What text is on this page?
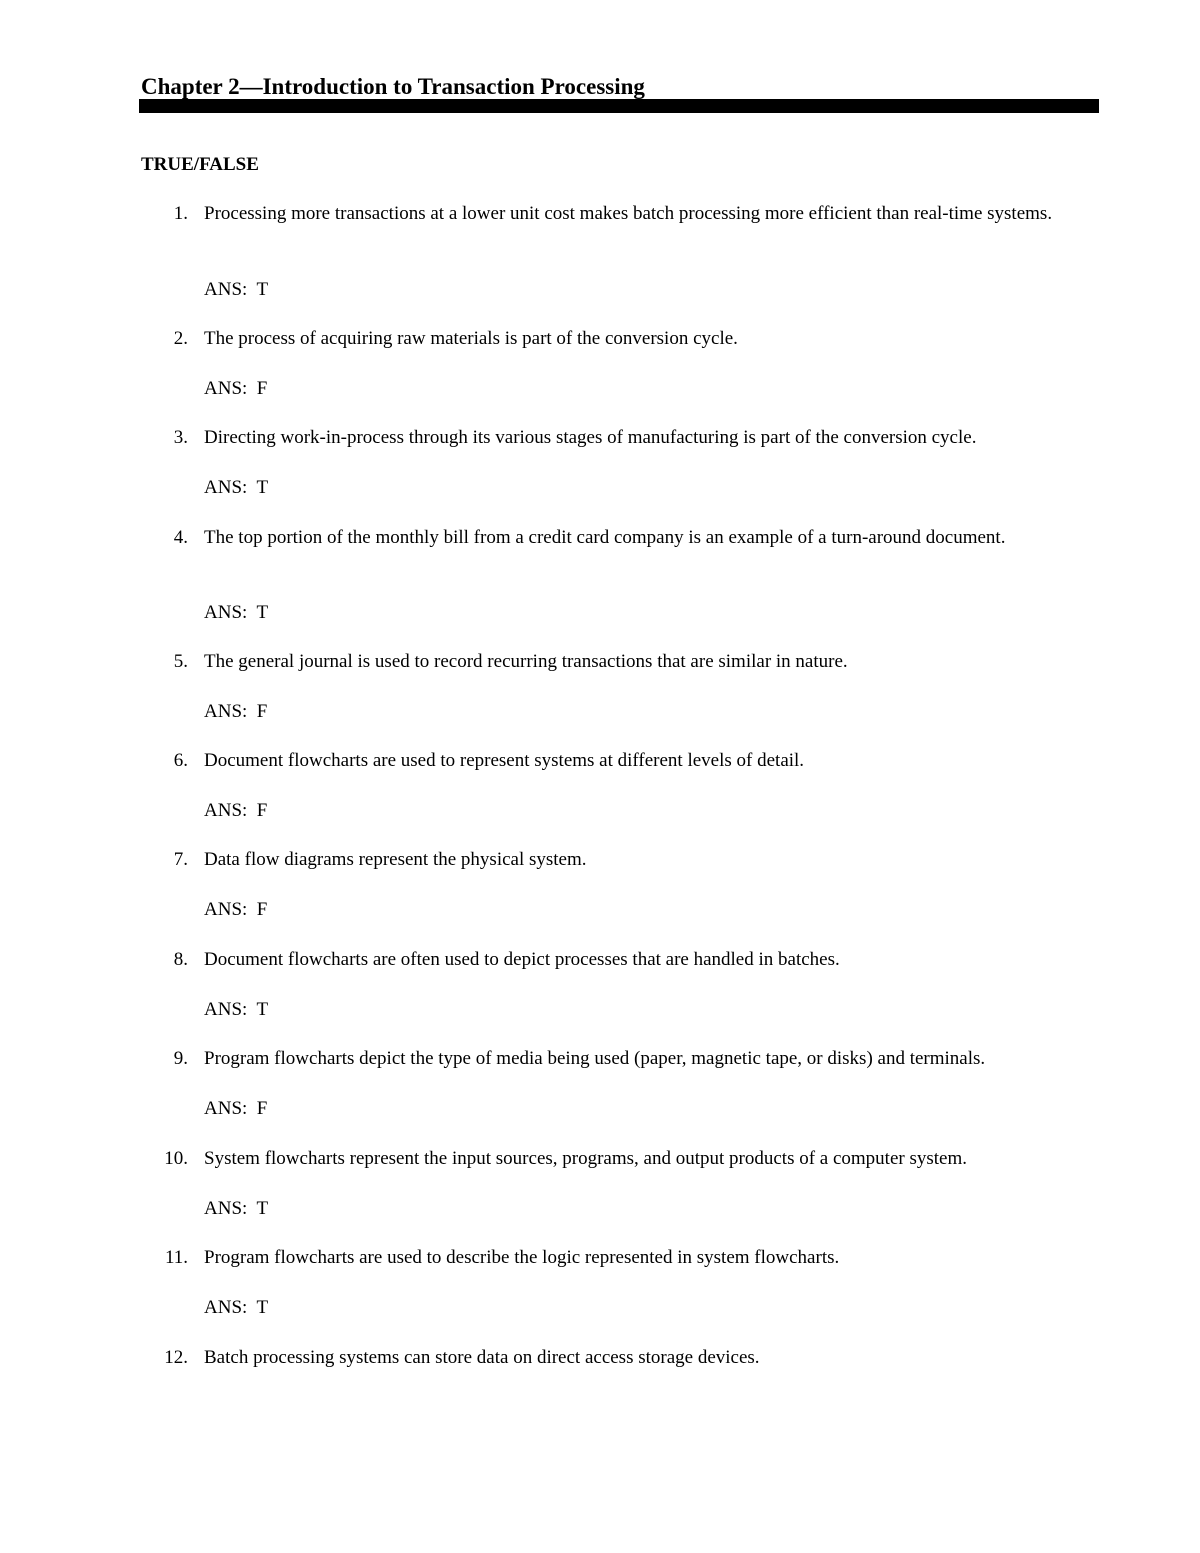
Chapter 2—Introduction to Transaction Processing
TRUE/FALSE
1. Processing more transactions at a lower unit cost makes batch processing more efficient than real-time systems.
ANS:  T
2. The process of acquiring raw materials is part of the conversion cycle.
ANS:  F
3. Directing work-in-process through its various stages of manufacturing is part of the conversion cycle.
ANS:  T
4. The top portion of the monthly bill from a credit card company is an example of a turn-around document.
ANS:  T
5. The general journal is used to record recurring transactions that are similar in nature.
ANS:  F
6. Document flowcharts are used to represent systems at different levels of detail.
ANS:  F
7. Data flow diagrams represent the physical system.
ANS:  F
8. Document flowcharts are often used to depict processes that are handled in batches.
ANS:  T
9. Program flowcharts depict the type of media being used (paper, magnetic tape, or disks) and terminals.
ANS:  F
10. System flowcharts represent the input sources, programs, and output products of a computer system.
ANS:  T
11. Program flowcharts are used to describe the logic represented in system flowcharts.
ANS:  T
12. Batch processing systems can store data on direct access storage devices.
